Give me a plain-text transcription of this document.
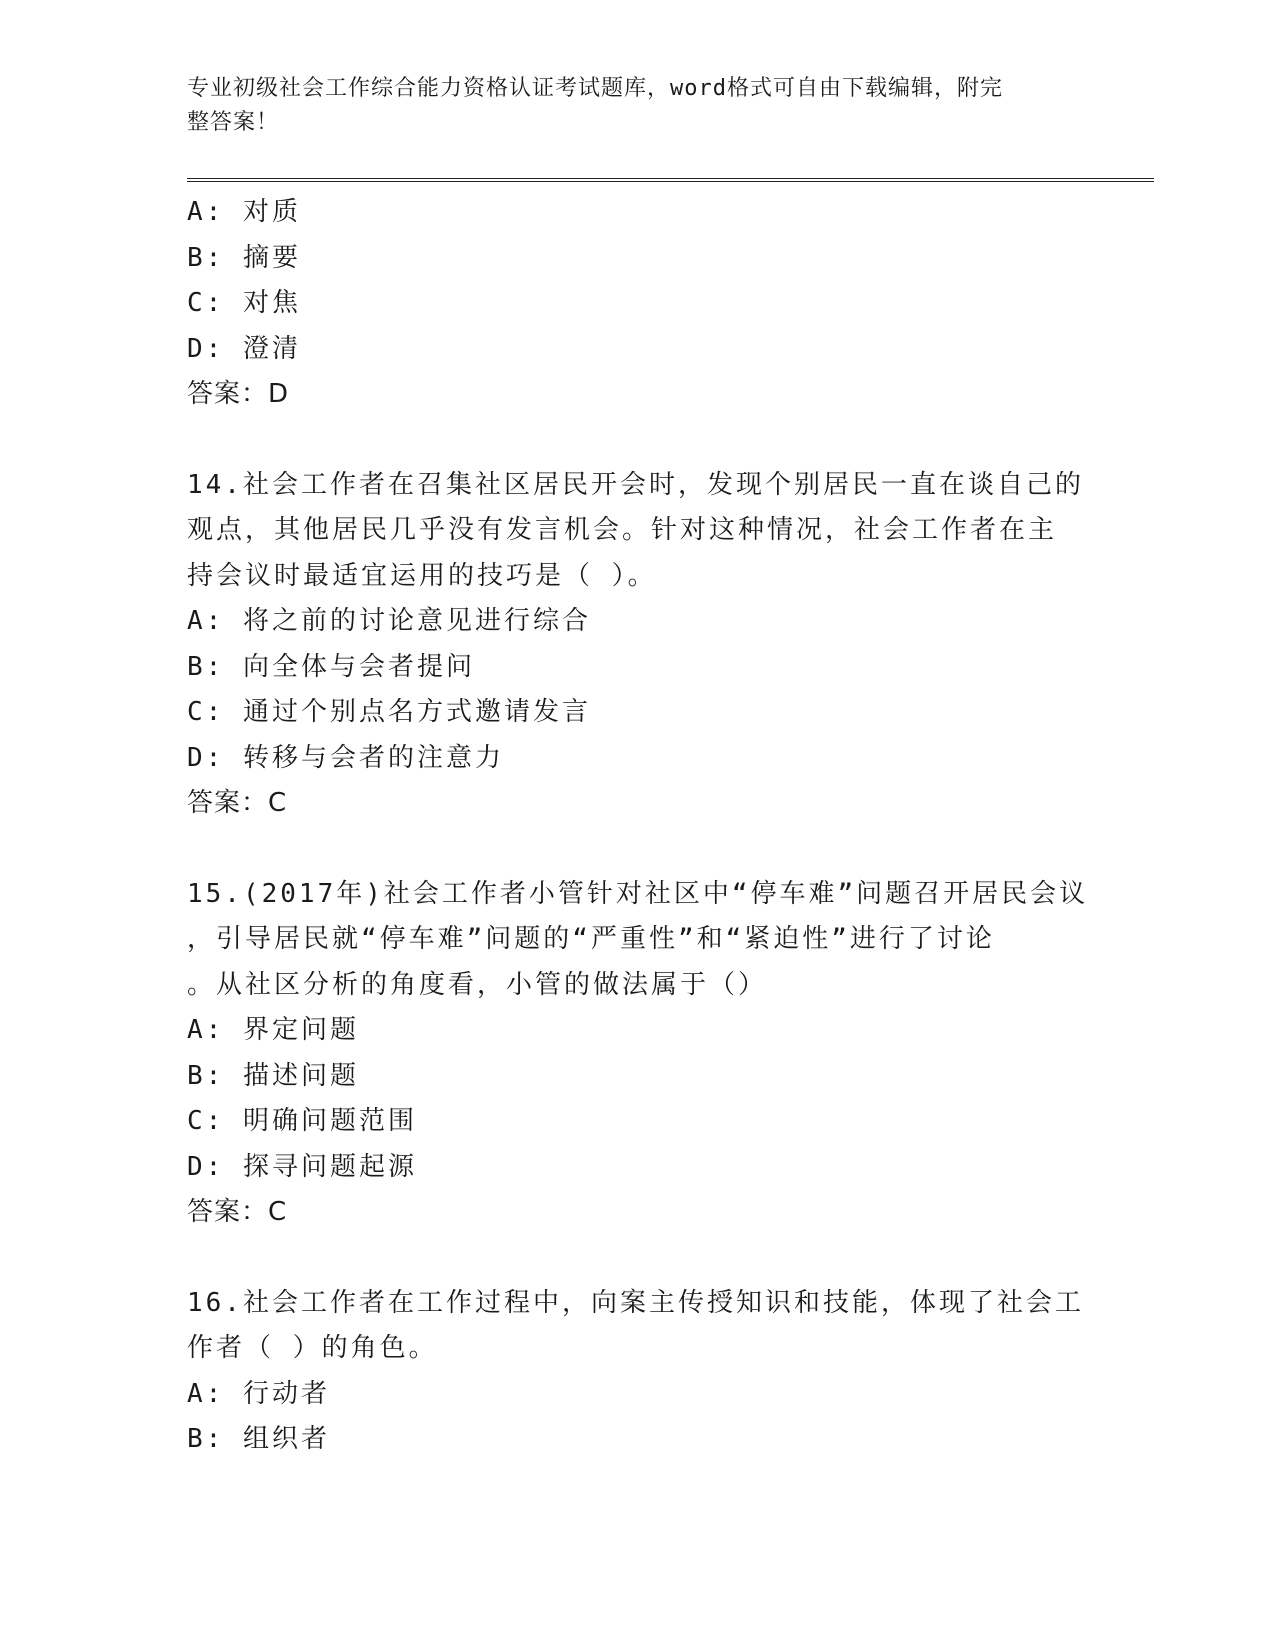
专业初级社会工作综合能力资格认证考试题库，word格式可自由下载编辑，附完
整答案！
A: 对质
B: 摘要
C: 对焦
D: 澄清
答案：D
14.社会工作者在召集社区居民开会时，发现个别居民一直在谈自己的
观点，其他居民几乎没有发言机会。针对这种情况，社会工作者在主
持会议时最适宜运用的技巧是（ ）。
A: 将之前的讨论意见进行综合
B: 向全体与会者提问
C: 通过个别点名方式邀请发言
D: 转移与会者的注意力
答案：C
15.(2017年)社会工作者小管针对社区中“停车难”问题召开居民会议
，引导居民就“停车难”问题的“严重性”和“紧迫性”进行了讨论
。从社区分析的角度看，小管的做法属于（）
A: 界定问题
B: 描述问题
C: 明确问题范围
D: 探寻问题起源
答案：C
16.社会工作者在工作过程中，向案主传授知识和技能，体现了社会工
作者（ ）的角色。
A: 行动者
B: 组织者
